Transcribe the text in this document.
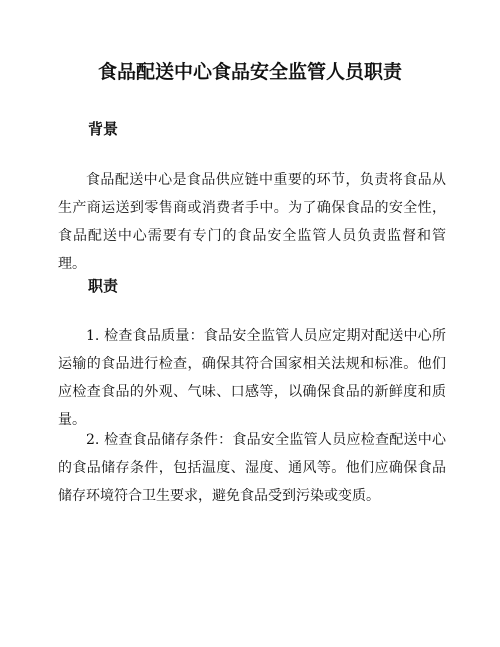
食品配送中心食品安全监管人员职责
背景

食品配送中心是食品供应链中重要的环节，负责将食品从生产商运送到零售商或消费者手中。为了确保食品的安全性，食品配送中心需要有专门的食品安全监管人员负责监督和管理。

职责

1. 检查食品质量：食品安全监管人员应定期对配送中心所运输的食品进行检查，确保其符合国家相关法规和标准。他们应检查食品的外观、气味、口感等，以确保食品的新鲜度和质量。

2. 检查食品储存条件：食品安全监管人员应检查配送中心的食品储存条件，包括温度、湿度、通风等。他们应确保食品储存环境符合卫生要求，避免食品受到污染或变质。
